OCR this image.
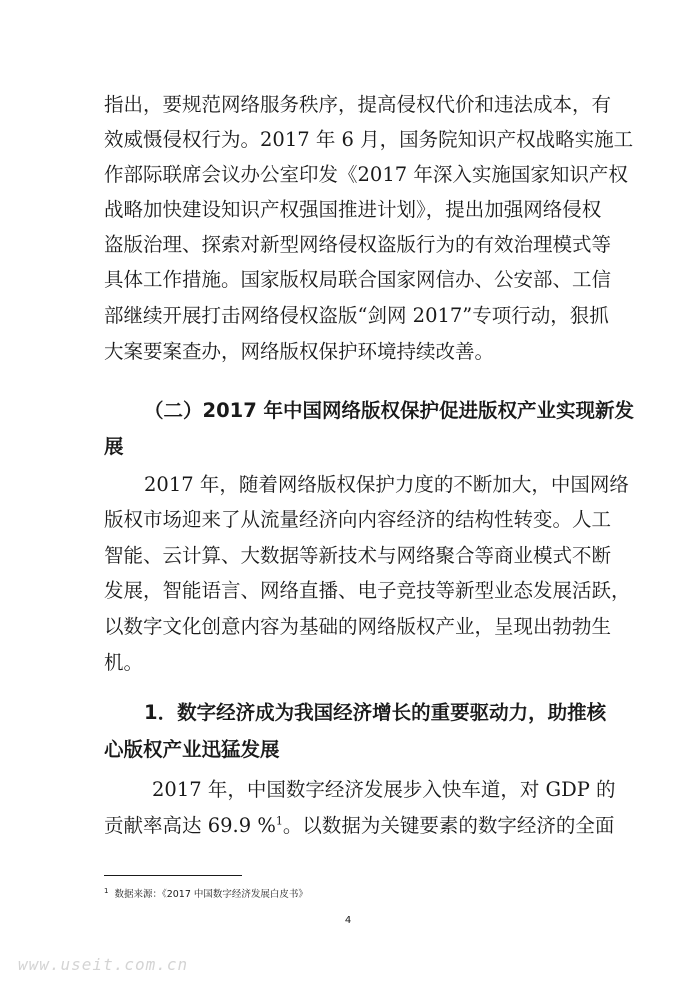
指出，要规范网络服务秩序，提高侵权代价和违法成本，有
效威慑侵权行为。2017 年 6 月，国务院知识产权战略实施工
作部际联席会议办公室印发《2017 年深入实施国家知识产权
战略加快建设知识产权强国推进计划》，提出加强网络侵权
盗版治理、探索对新型网络侵权盗版行为的有效治理模式等
具体工作措施。国家版权局联合国家网信办、公安部、工信
部继续开展打击网络侵权盗版“剑网 2017”专项行动，狠抓
大案要案查办，网络版权保护环境持续改善。
（二）2017 年中国网络版权保护促进版权产业实现新发
展
2017 年，随着网络版权保护力度的不断加大，中国网络
版权市场迎来了从流量经济向内容经济的结构性转变。人工
智能、云计算、大数据等新技术与网络聚合等商业模式不断
发展，智能语言、网络直播、电子竞技等新型业态发展活跃，
以数字文化创意内容为基础的网络版权产业，呈现出勃勃生
机。
1．数字经济成为我国经济增长的重要驱动力，助推核
心版权产业迅猛发展
2017 年，中国数字经济发展步入快车道，对 GDP 的
贡献率高达 69.9 %$^1$。以数据为关键要素的数字经济的全面
$^1$ 数据来源：《2017 中国数字经济发展白皮书》
4
www.useit.com.cn
